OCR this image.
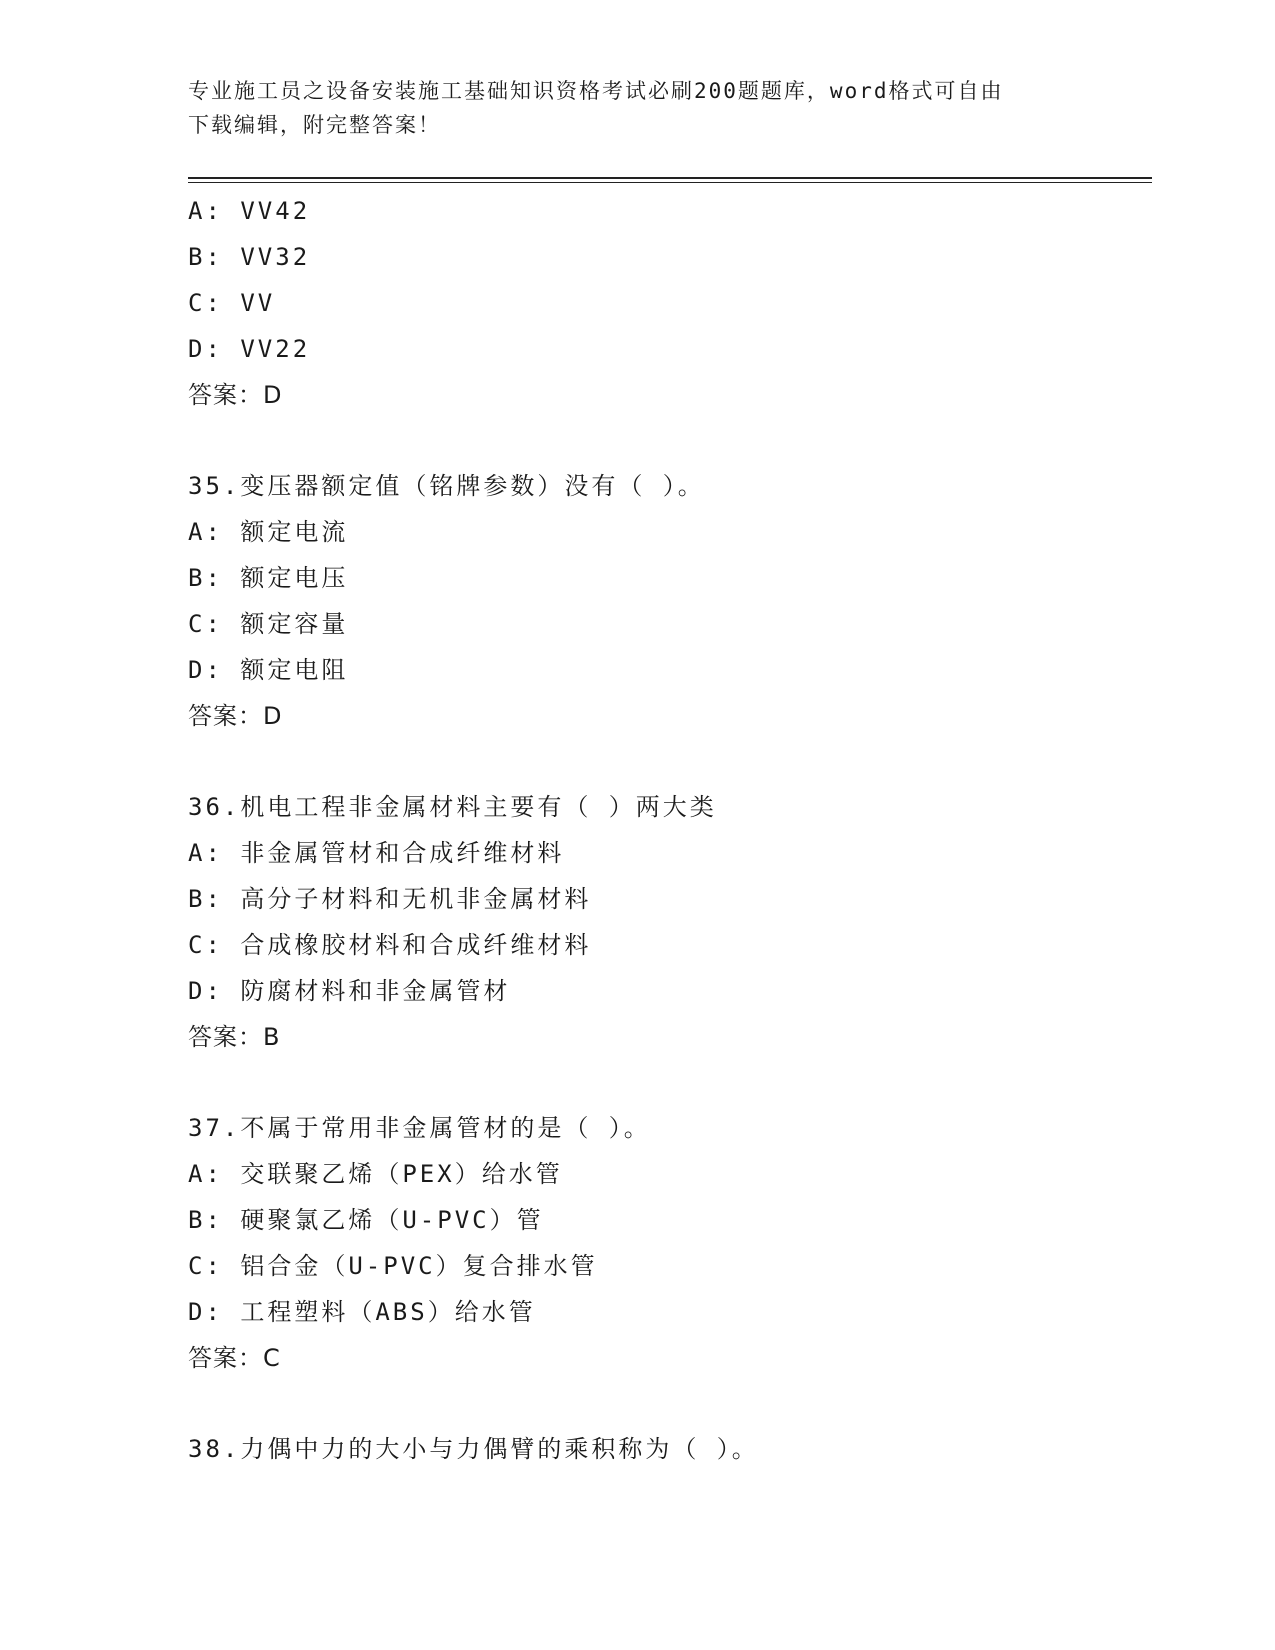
专业施工员之设备安装施工基础知识资格考试必刷200题题库，word格式可自由
下载编辑，附完整答案！
A: VV42
B: VV32
C: VV
D: VV22
答案：D
35.变压器额定值（铭牌参数）没有（ ）。
A: 额定电流
B: 额定电压
C: 额定容量
D: 额定电阻
答案：D
36.机电工程非金属材料主要有（ ）两大类
A: 非金属管材和合成纤维材料
B: 高分子材料和无机非金属材料
C: 合成橡胶材料和合成纤维材料
D: 防腐材料和非金属管材
答案：B
37.不属于常用非金属管材的是（ ）。
A: 交联聚乙烯（PEX）给水管
B: 硬聚氯乙烯（U-PVC）管
C: 铝合金（U-PVC）复合排水管
D: 工程塑料（ABS）给水管
答案：C
38.力偶中力的大小与力偶臂的乘积称为（ ）。
